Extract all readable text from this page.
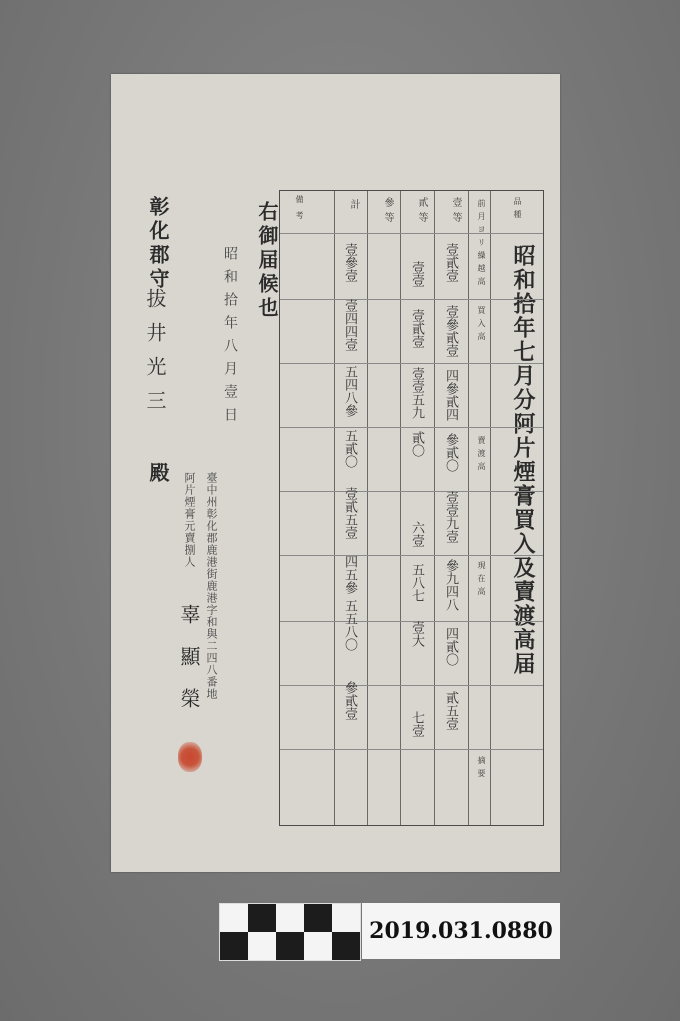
昭和拾年七月分阿片煙膏買入及賣渡高届
品種
前月ヨリ繰越高
買入高
賣渡高
現在高
摘要
備考	壹等
貳等
參等
計
壹貳壹
壹參貳壹
四參貳四
參貳〇
壹壹九壹
參九四八
四貳〇
貳五壹
壹壹
壹貳壹
壹壹五九
貳〇
六壹
五八七
壹大
七壹
壹參壹
壹四四壹
五四八參
五貳〇
壹貳五壹
四五參
五五八〇
參貳壹
右御届候也
昭和拾年八月壹日
臺中州彰化郡鹿港街鹿港字和與二四八番地
阿片煙膏元賣捌人
辜顯榮
彰化郡守
拔井光三
殿
2019.031.0880
